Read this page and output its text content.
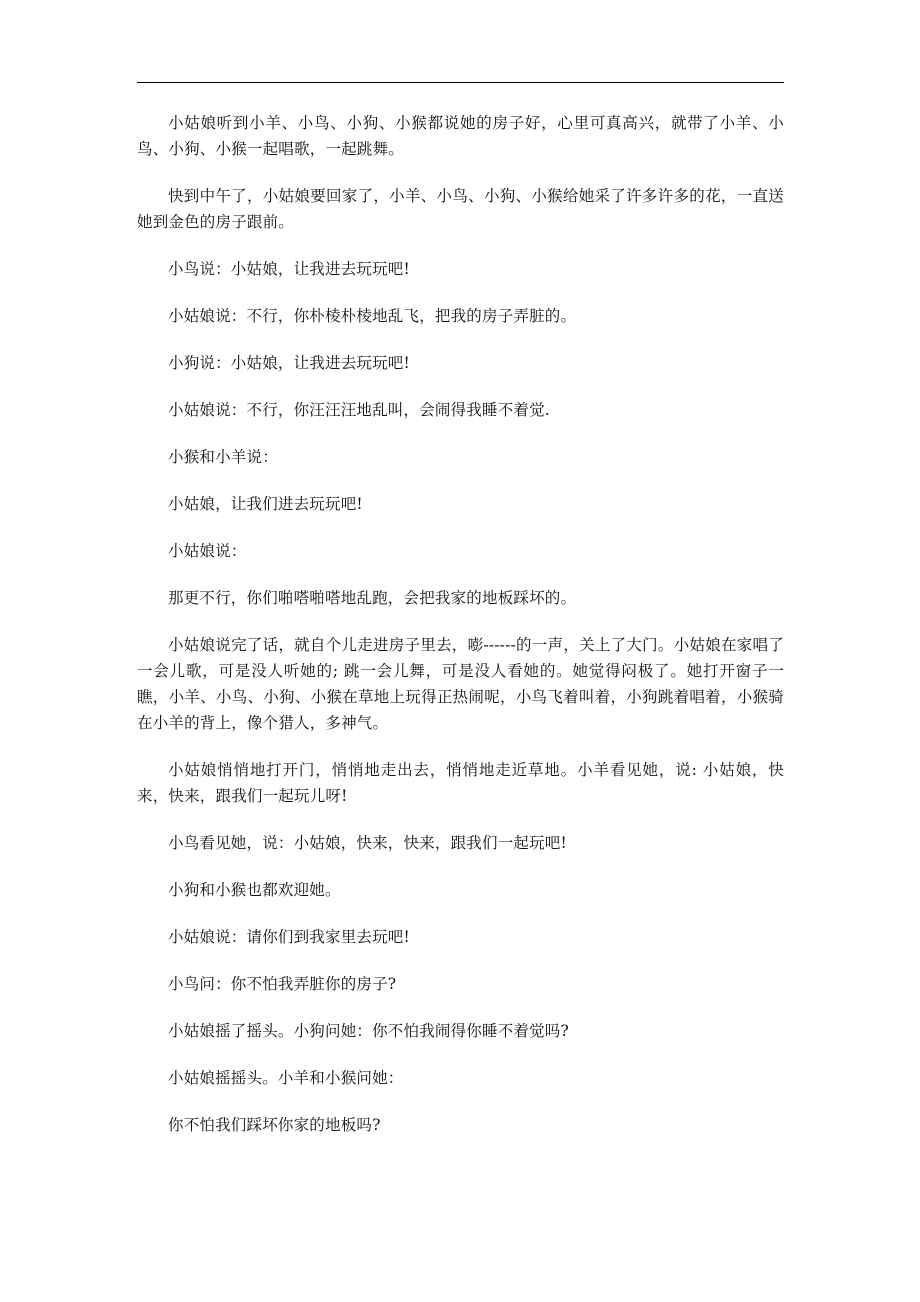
小姑娘听到小羊、小鸟、小狗、小猴都说她的房子好，心里可真高兴，就带了小羊、小鸟、小狗、小猴一起唱歌，一起跳舞。

快到中午了，小姑娘要回家了，小羊、小鸟、小狗、小猴给她采了许多许多的花，一直送她到金色的房子跟前。

小鸟说：小姑娘，让我进去玩玩吧!

小姑娘说：不行，你朴棱朴棱地乱飞，把我的房子弄脏的。

小狗说：小姑娘，让我进去玩玩吧!

小姑娘说：不行，你汪汪汪地乱叫，会闹得我睡不着觉.

小猴和小羊说：

小姑娘，让我们进去玩玩吧!

小姑娘说：

那更不行，你们啪嗒啪嗒地乱跑，会把我家的地板踩坏的。

小姑娘说完了话，就自个儿走进房子里去，嘭------的一声，关上了大门。小姑娘在家唱了一会儿歌，可是没人听她的; 跳一会儿舞，可是没人看她的。她觉得闷极了。她打开窗子一瞧，小羊、小鸟、小狗、小猴在草地上玩得正热闹呢，小鸟飞着叫着，小狗跳着唱着，小猴骑在小羊的背上，像个猎人，多神气。

小姑娘悄悄地打开门，悄悄地走出去，悄悄地走近草地。小羊看见她，说: 小姑娘，快来，快来，跟我们一起玩儿呀!

小鸟看见她，说：小姑娘，快来，快来，跟我们一起玩吧!

小狗和小猴也都欢迎她。

小姑娘说：请你们到我家里去玩吧!

小鸟问：你不怕我弄脏你的房子?

小姑娘摇了摇头。小狗问她：你不怕我闹得你睡不着觉吗?

小姑娘摇摇头。小羊和小猴问她：

你不怕我们踩坏你家的地板吗?
